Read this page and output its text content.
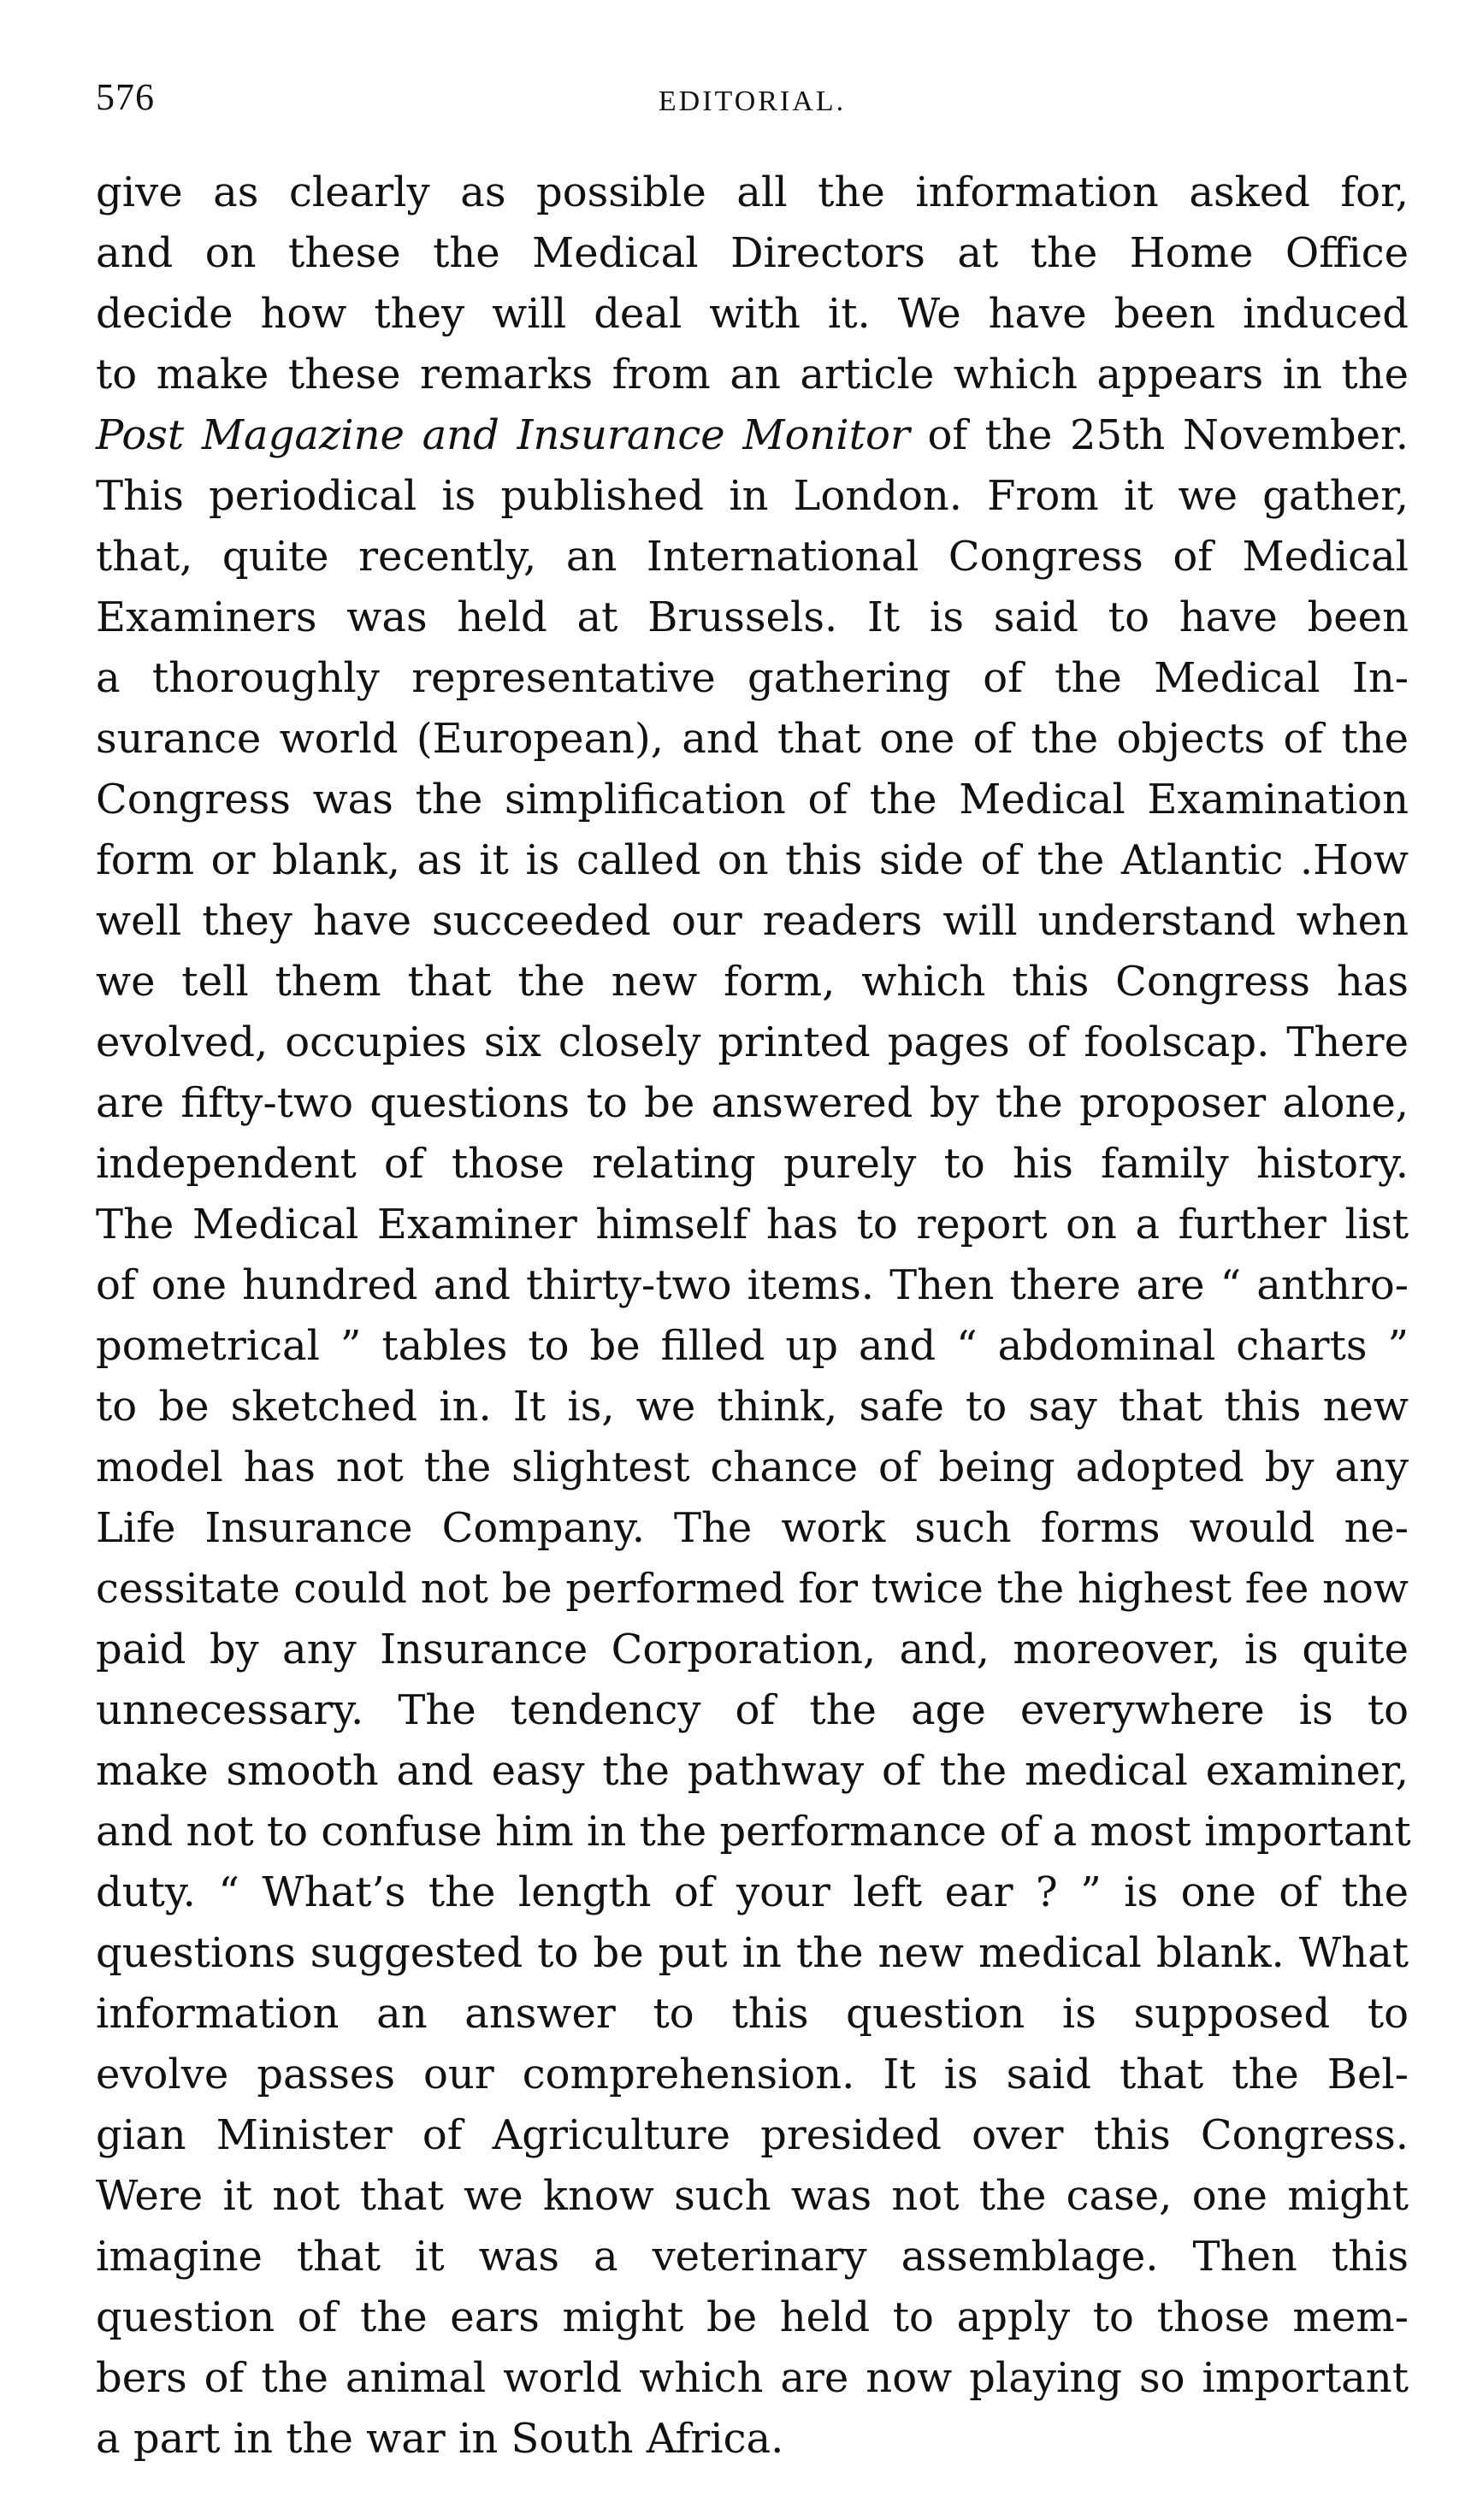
576	EDITORIAL.
give as clearly as possible all the information asked for,
and on these the Medical Directors at the Home Office
decide how they will deal with it. We have been induced
to make these remarks from an article which appears in the
Post Magazine and Insurance Monitor of the 25th November.
This periodical is published in London. From it we gather,
that, quite recently, an International Congress of Medical
Examiners was held at Brussels. It is said to have been
a thoroughly representative gathering of the Medical In-
surance world (European), and that one of the objects of the
Congress was the simplification of the Medical Examination
form or blank, as it is called on this side of the Atlantic .How
well they have succeeded our readers will understand when
we tell them that the new form, which this Congress has
evolved, occupies six closely printed pages of foolscap. There
are fifty-two questions to be answered by the proposer alone,
independent of those relating purely to his family history.
The Medical Examiner himself has to report on a further list
of one hundred and thirty-two items. Then there are “ anthro-
pometrical ” tables to be filled up and “ abdominal charts ”
to be sketched in. It is, we think, safe to say that this new
model has not the slightest chance of being adopted by any
Life Insurance Company. The work such forms would ne-
cessitate could not be performed for twice the highest fee now
paid by any Insurance Corporation, and, moreover, is quite
unnecessary. The tendency of the age everywhere is to
make smooth and easy the pathway of the medical examiner,
and not to confuse him in the performance of a most important
duty. “ What’s the length of your left ear ? ” is one of the
questions suggested to be put in the new medical blank. What
information an answer to this question is supposed to
evolve passes our comprehension. It is said that the Bel-
gian Minister of Agriculture presided over this Congress.
Were it not that we know such was not the case, one might
imagine that it was a veterinary assemblage. Then this
question of the ears might be held to apply to those mem-
bers of the animal world which are now playing so important
a part in the war in South Africa.
